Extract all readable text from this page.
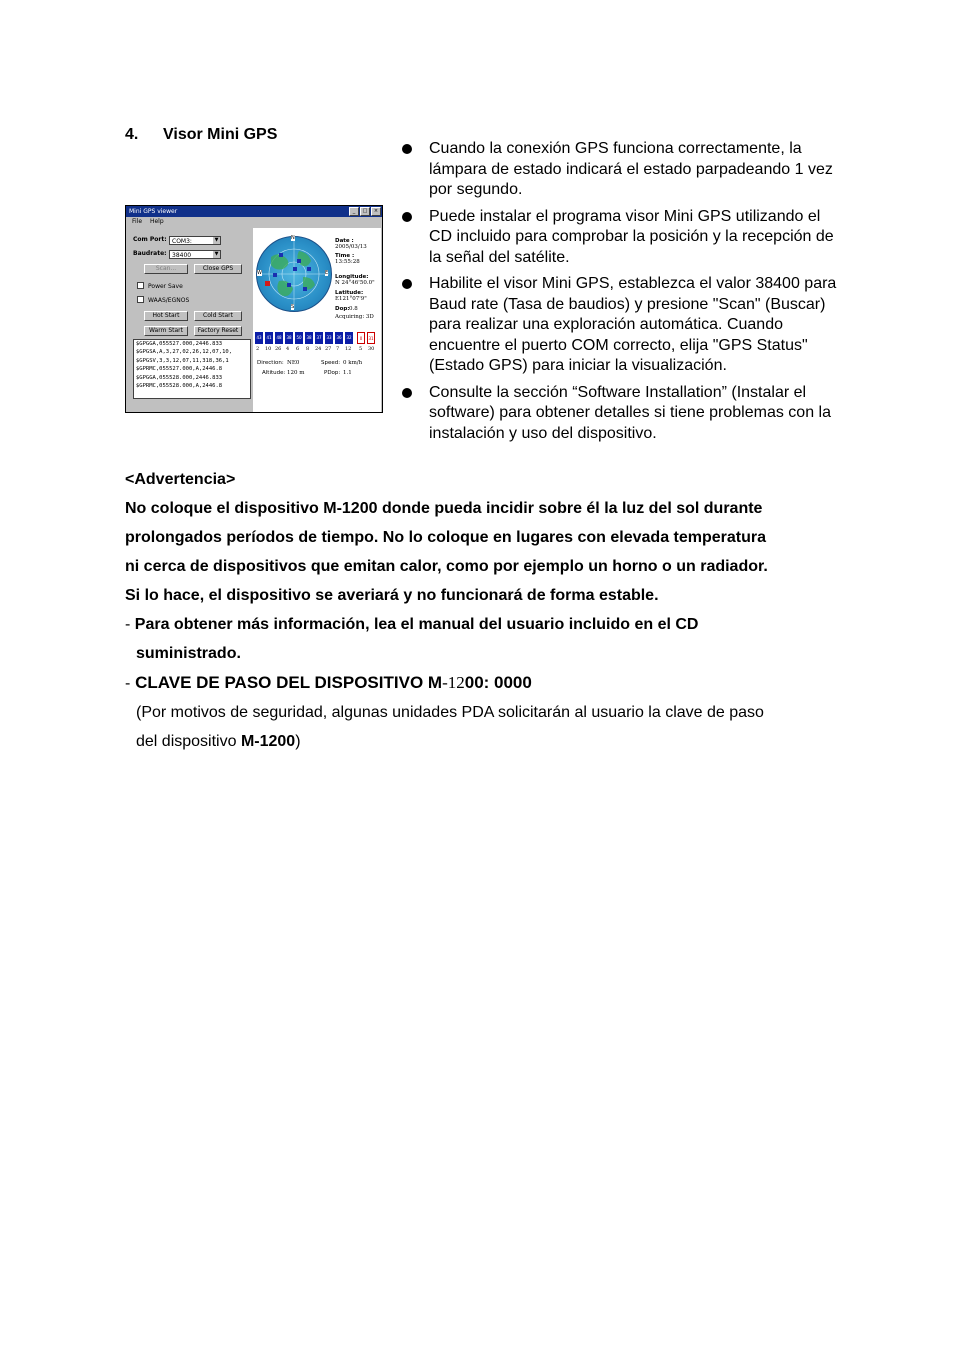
4. Visor Mini GPS
Mini GPS viewer	_	□	×
File Help
Com Port: COM3:	▼
Baudrate: 38400	▼
Scan...	Close GPS
Power Save
WAAS/EGNOS
Hot Start	Cold Start
Warm Start	Factory Reset
$GPGGA,055527.000,2446.833
$GPGSA,A,3,27,02,26,12,07,10,
$GPGSV,3,3,12,07,11,318,36,1
$GPRMC,055527.000,A,2446.8
$GPGGA,055528.000,2446.833
$GPRMC,055528.000,A,2446.8
N
S
E
W
Date :
2005/03/13
Time :
13:55:28
Longitude:
N 24°46'50.0"
Latitude:
E121°07'9"
Dop: 0.8
Acquiring: 3D
43	41	48	38	50	38	37	33	36	32	0	31
2 10 26 4 6 8 24 27 7 12 5 30
Direction: NE0	Speed: 0 km/h
Altitude: 120 m	PDop: 1.1
Cuando la conexión GPS funciona correctamente, la lámpara de estado indicará el estado parpadeando 1 vez por segundo.
Puede instalar el programa visor Mini GPS utilizando el CD incluido para comprobar la posición y la recepción de la señal del satélite.
Habilite el visor Mini GPS, establezca el valor 38400 para Baud rate (Tasa de baudios) y presione "Scan" (Buscar) para realizar una exploración automática. Cuando encuentre el puerto COM correcto, elija "GPS Status" (Estado GPS) para iniciar la visualización.
Consulte la sección “Software Installation” (Instalar el software) para obtener detalles si tiene problemas con la instalación y uso del dispositivo.
<Advertencia>
No coloque el dispositivo M-1200 donde pueda incidir sobre él la luz del sol durante
prolongados períodos de tiempo. No lo coloque en lugares con elevada temperatura
ni cerca de dispositivos que emitan calor, como por ejemplo un horno o un radiador.
Si lo hace, el dispositivo se averiará y no funcionará de forma estable.
- Para obtener más información, lea el manual del usuario incluido en el CD
suministrado.
- CLAVE DE PASO DEL DISPOSITIVO M-1200: 0000
(Por motivos de seguridad, algunas unidades PDA solicitarán al usuario la clave de paso
del dispositivo M-1200)
